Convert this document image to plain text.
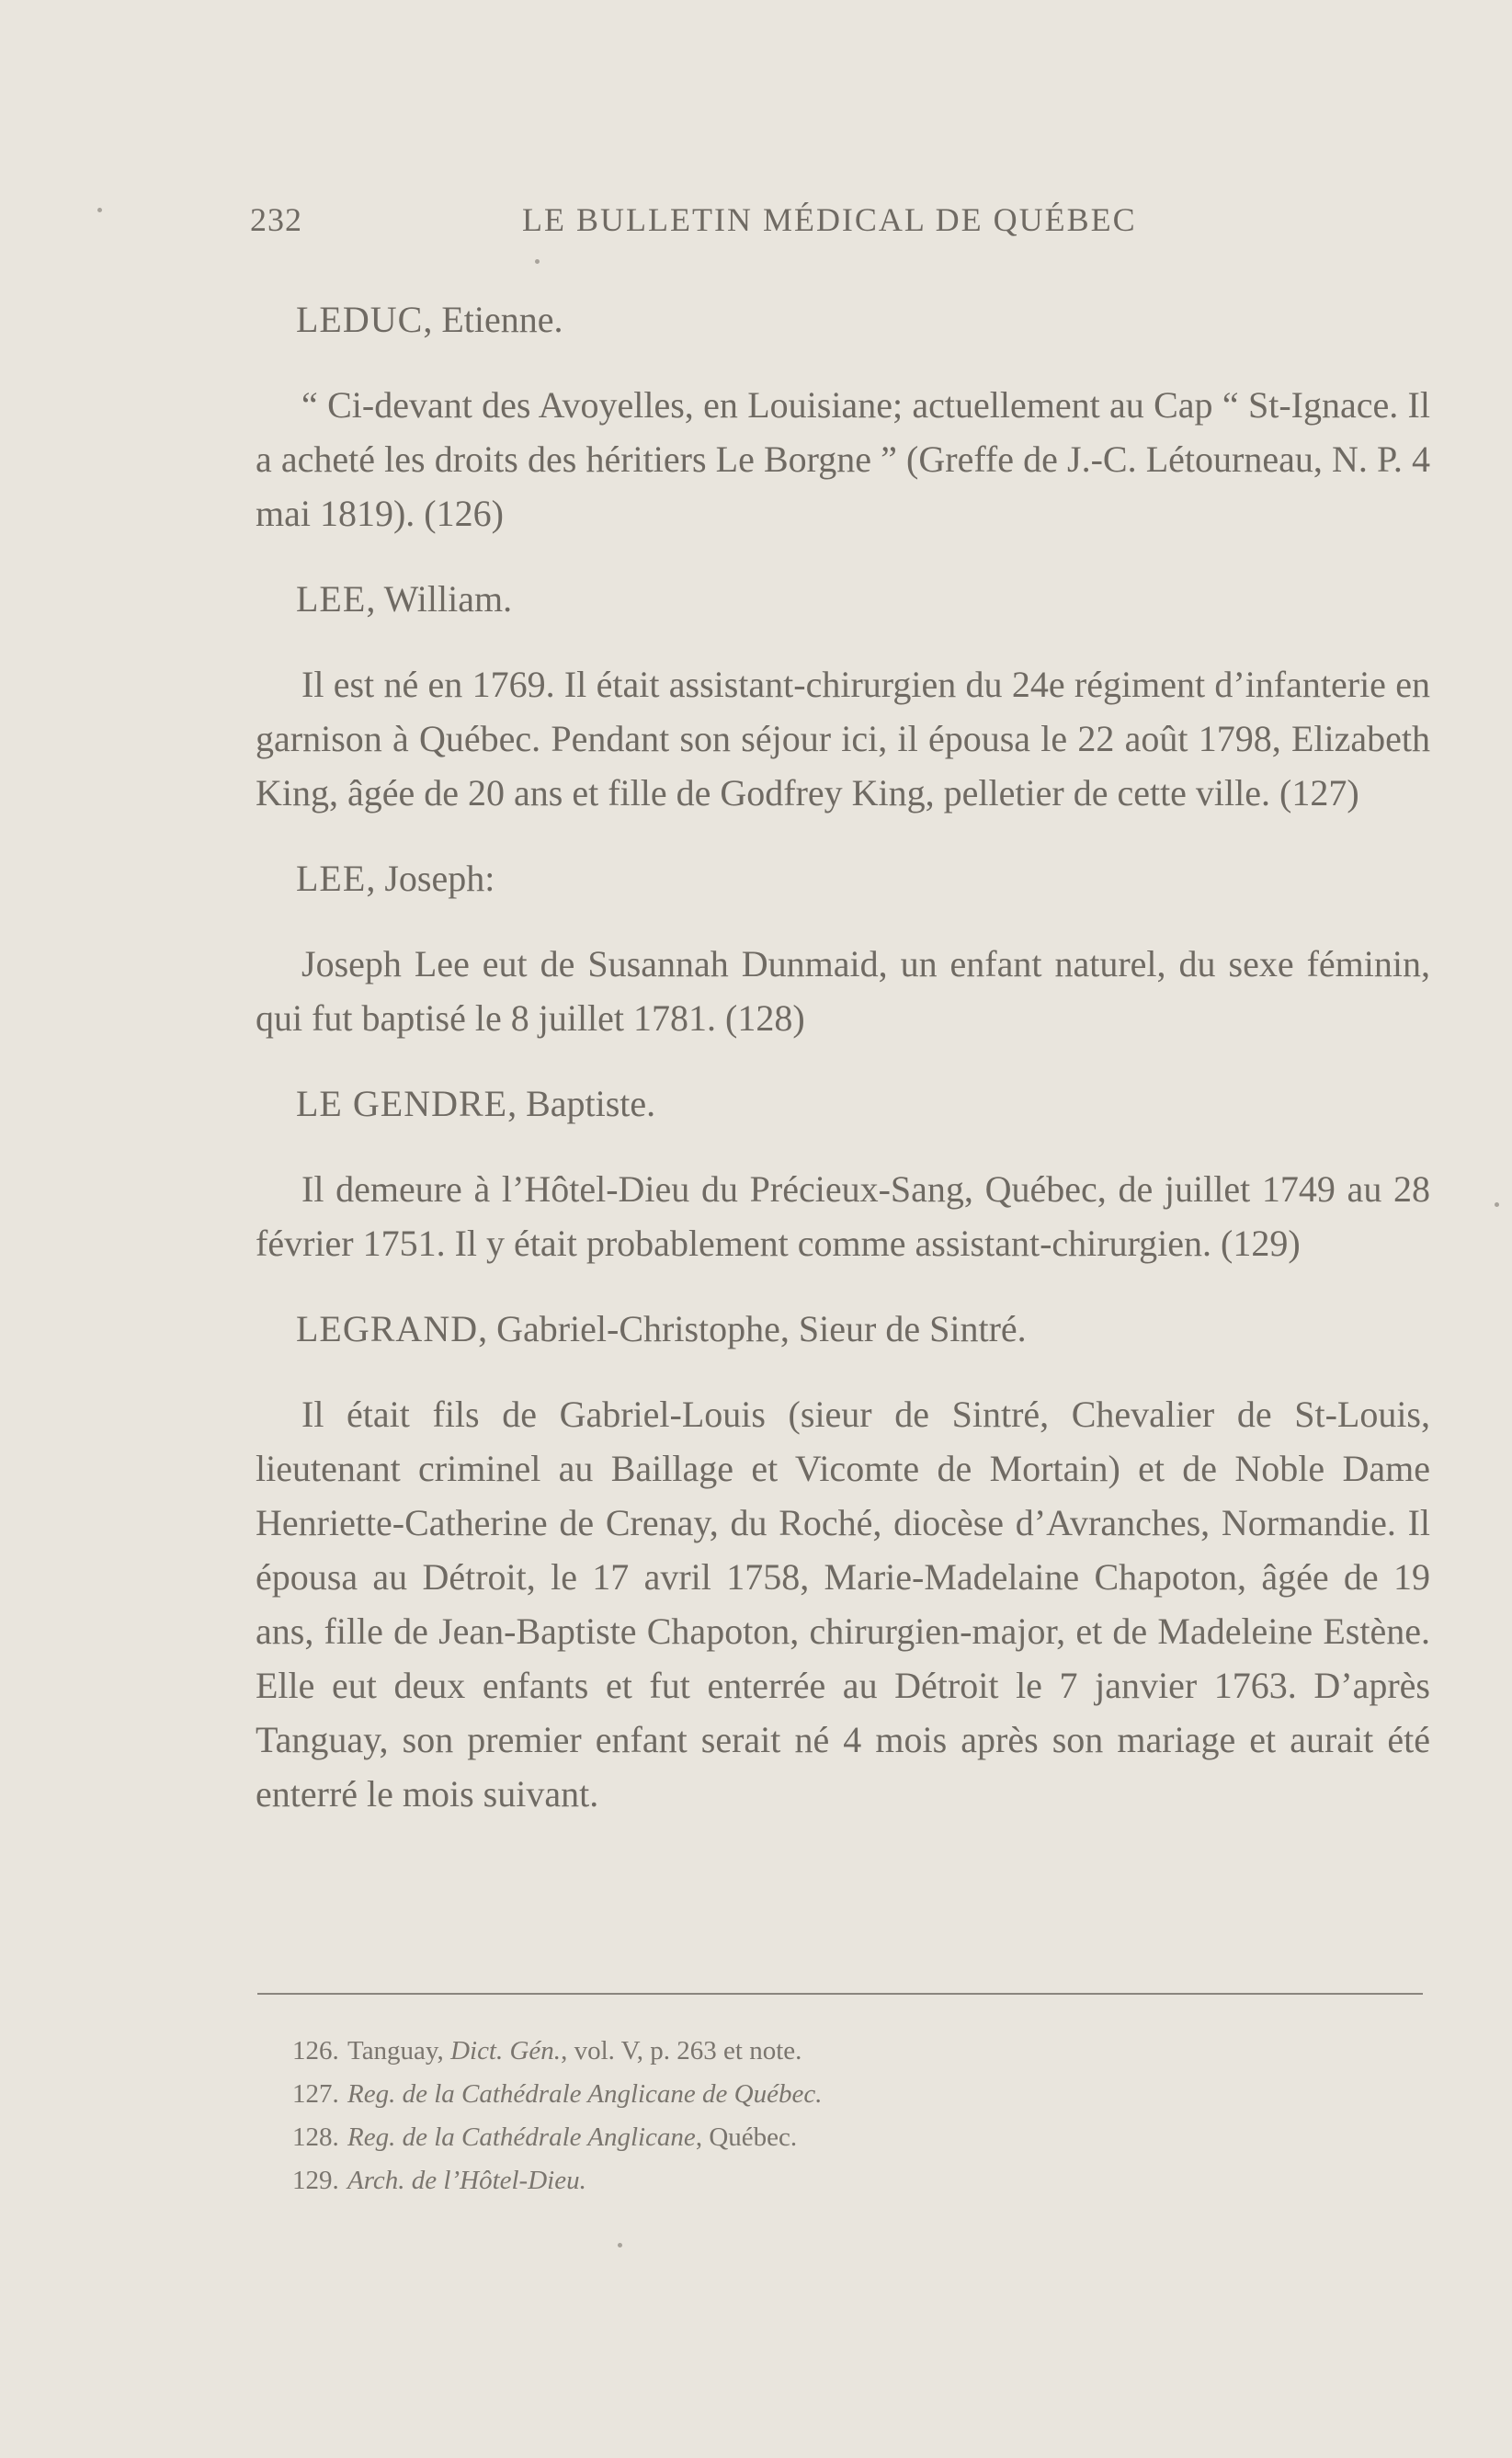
232	LE BULLETIN MÉDICAL DE QUÉBEC

LEDUC, Etienne.

“ Ci-devant des Avoyelles, en Louisiane; actuellement au Cap “ St-Ignace. Il a acheté les droits des héritiers Le Borgne ” (Greffe de J.-C. Létourneau, N. P. 4 mai 1819). (126)

LEE, William.

Il est né en 1769. Il était assistant-chirurgien du 24e régiment d’infanterie en garnison à Québec. Pendant son séjour ici, il épousa le 22 août 1798, Elizabeth King, âgée de 20 ans et fille de Godfrey King, pelletier de cette ville. (127)

LEE, Joseph:

Joseph Lee eut de Susannah Dunmaid, un enfant naturel, du sexe féminin, qui fut baptisé le 8 juillet 1781. (128)

LE GENDRE, Baptiste.

Il demeure à l’Hôtel-Dieu du Précieux-Sang, Québec, de juillet 1749 au 28 février 1751. Il y était probablement comme assistant-chirurgien. (129)

LEGRAND, Gabriel-Christophe, Sieur de Sintré.

Il était fils de Gabriel-Louis (sieur de Sintré, Chevalier de St-Louis, lieutenant criminel au Baillage et Vicomte de Mortain) et de Noble Dame Henriette-Catherine de Crenay, du Roché, diocèse d’Avranches, Normandie. Il épousa au Détroit, le 17 avril 1758, Marie-Madelaine Chapoton, âgée de 19 ans, fille de Jean-Baptiste Chapoton, chirurgien-major, et de Madeleine Estène. Elle eut deux enfants et fut enterrée au Détroit le 7 janvier 1763. D’après Tanguay, son premier enfant serait né 4 mois après son mariage et aurait été enterré le mois suivant.

126. Tanguay, Dict. Gén., vol. V, p. 263 et note.

127. Reg. de la Cathédrale Anglicane de Québec.

128. Reg. de la Cathédrale Anglicane, Québec.

129. Arch. de l’Hôtel-Dieu.
